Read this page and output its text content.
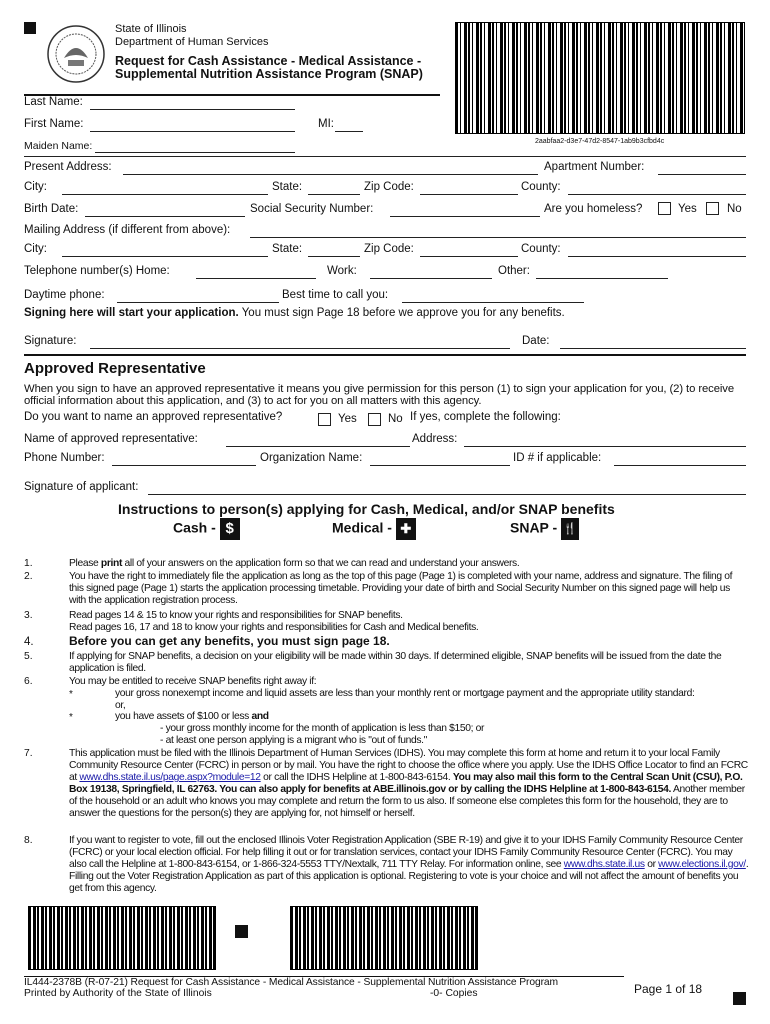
State of Illinois
Department of Human Services
Request for Cash Assistance - Medical Assistance -
Supplemental Nutrition Assistance Program (SNAP)
2aabfaa2-d3e7-47d2-8547-1ab9b3cfbd4c
Last Name:
First Name:	MI:
Maiden Name:
Present Address:	Apartment Number:
City:	State:	Zip Code:	County:
Birth Date:	Social Security Number:	Are you homeless?	Yes	No
Mailing Address (if different from above):
City:	State:	Zip Code:	County:
Telephone number(s) Home:	Work:	Other:
Daytime phone:	Best time to call you:
Signing here will start your application. You must sign Page 18 before we approve you for any benefits.
Signature:	Date:
Approved Representative
When you sign to have an approved representative it means you give permission for this person (1) to sign your application for you, (2) to receive official information about this application, and (3) to act for you on all matters with this agency.
Do you want to name an approved representative?	Yes	No If yes, complete the following:
Name of approved representative:	Address:
Phone Number:	Organization Name:	ID # if applicable:
Signature of applicant:
Instructions to person(s) applying for Cash, Medical, and/or SNAP benefits
Cash - $	Medical - ✚	SNAP - 🍴
1.	Please print all of your answers on the application form so that we can read and understand your answers.
2.	You have the right to immediately file the application as long as the top of this page (Page 1) is completed with your name, address and signature. The filing of this signed page (Page 1) starts the application processing timetable. Providing your date of birth and Social Security Number on this signed page will help us with the application registration process.
3.	Read pages 14 & 15 to know your rights and responsibilities for SNAP benefits.
Read pages 16, 17 and 18 to know your rights and responsibilities for Cash and Medical benefits.
4.	Before you can get any benefits, you must sign page 18.
5.	If applying for SNAP benefits, a decision on your eligibility will be made within 30 days. If determined eligible, SNAP benefits will be issued from the date the application is filed.
6.	You may be entitled to receive SNAP benefits right away if:
*	your gross nonexempt income and liquid assets are less than your monthly rent or mortgage payment and the appropriate utility standard:
or,
*	you have assets of $100 or less and
- your gross monthly income for the month of application is less than $150; or
- at least one person applying is a migrant who is "out of funds."
7.	This application must be filed with the Illinois Department of Human Services (IDHS). You may complete this form at home and return it to your local Family Community Resource Center (FCRC) in person or by mail. You have the right to choose the office where you apply. Use the IDHS Office Locator to find an FCRC at www.dhs.state.il.us/page.aspx?module=12 or call the IDHS Helpline at 1-800-843-6154. You may also mail this form to the Central Scan Unit (CSU), P.O. Box 19138, Springfield, IL 62763. You can also apply for benefits at ABE.illinois.gov or by calling the IDHS Helpline at 1-800-843-6154. Another member of the household or an adult who knows you may complete and return the form to us also. If someone else completes this form for the household, they are to answer the questions for the person(s) they are applying for, not himself or herself.
8.	If you want to register to vote, fill out the enclosed Illinois Voter Registration Application (SBE R-19) and give it to your IDHS Family Community Resource Center (FCRC) or your local election official. For help filling it out or for translation services, contact your IDHS Family Community Resource Center (FCRC). You may also call the Helpline at 1-800-843-6154, or 1-866-324-5553 TTY/Nextalk, 711 TTY Relay. For information online, see www.dhs.state.il.us or www.elections.il.gov/. Filling out the Voter Registration Application as part of this application is optional. Registering to vote is your choice and will not affect the amount of benefits you get from this agency.
IL444-2378B (R-07-21) Request for Cash Assistance - Medical Assistance - Supplemental Nutrition Assistance Program
Printed by Authority of the State of Illinois	-0- Copies	Page 1 of 18
